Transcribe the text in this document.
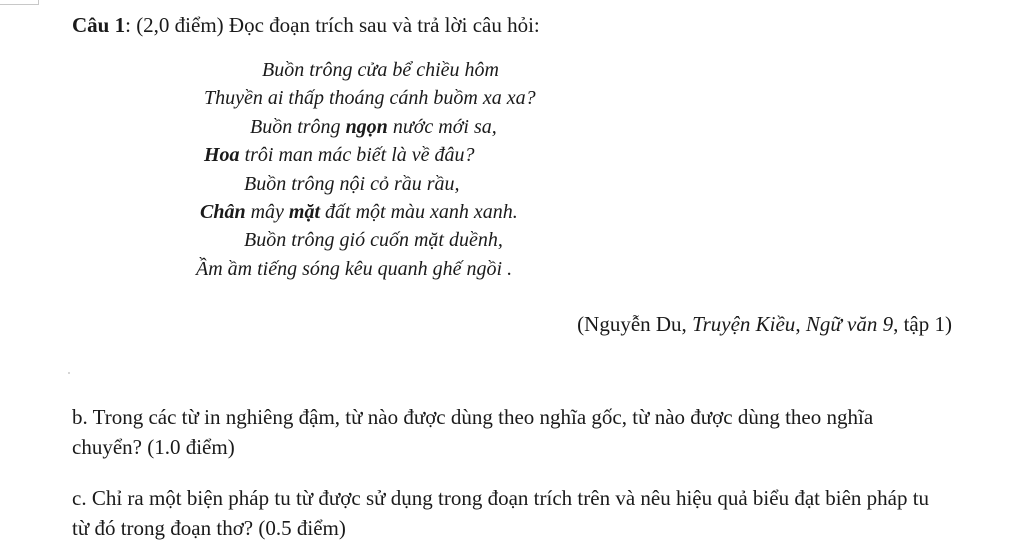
Câu 1: (2,0 điểm) Đọc đoạn trích sau và trả lời câu hỏi:
Buồn trông cửa bể chiều hôm
Thuyền ai thấp thoáng cánh buồm xa xa?
Buồn trông ngọn nước mới sa,
Hoa trôi man mác biết là về đâu?
Buồn trông nội cỏ rầu rầu,
Chân mây mặt đất một màu xanh xanh.
Buồn trông gió cuốn mặt duềnh,
Ầm ầm tiếng sóng kêu quanh ghế ngồi .
(Nguyễn Du, Truyện Kiều, Ngữ văn 9, tập 1)
b. Trong các từ in nghiêng đậm, từ nào được dùng theo nghĩa gốc, từ nào được dùng theo nghĩa chuyển? (1.0 điểm)
c. Chỉ ra một biện pháp tu từ được sử dụng trong đoạn trích trên và nêu hiệu quả biểu đạt biên pháp tu từ đó trong đoạn thơ? (0.5 điểm)
